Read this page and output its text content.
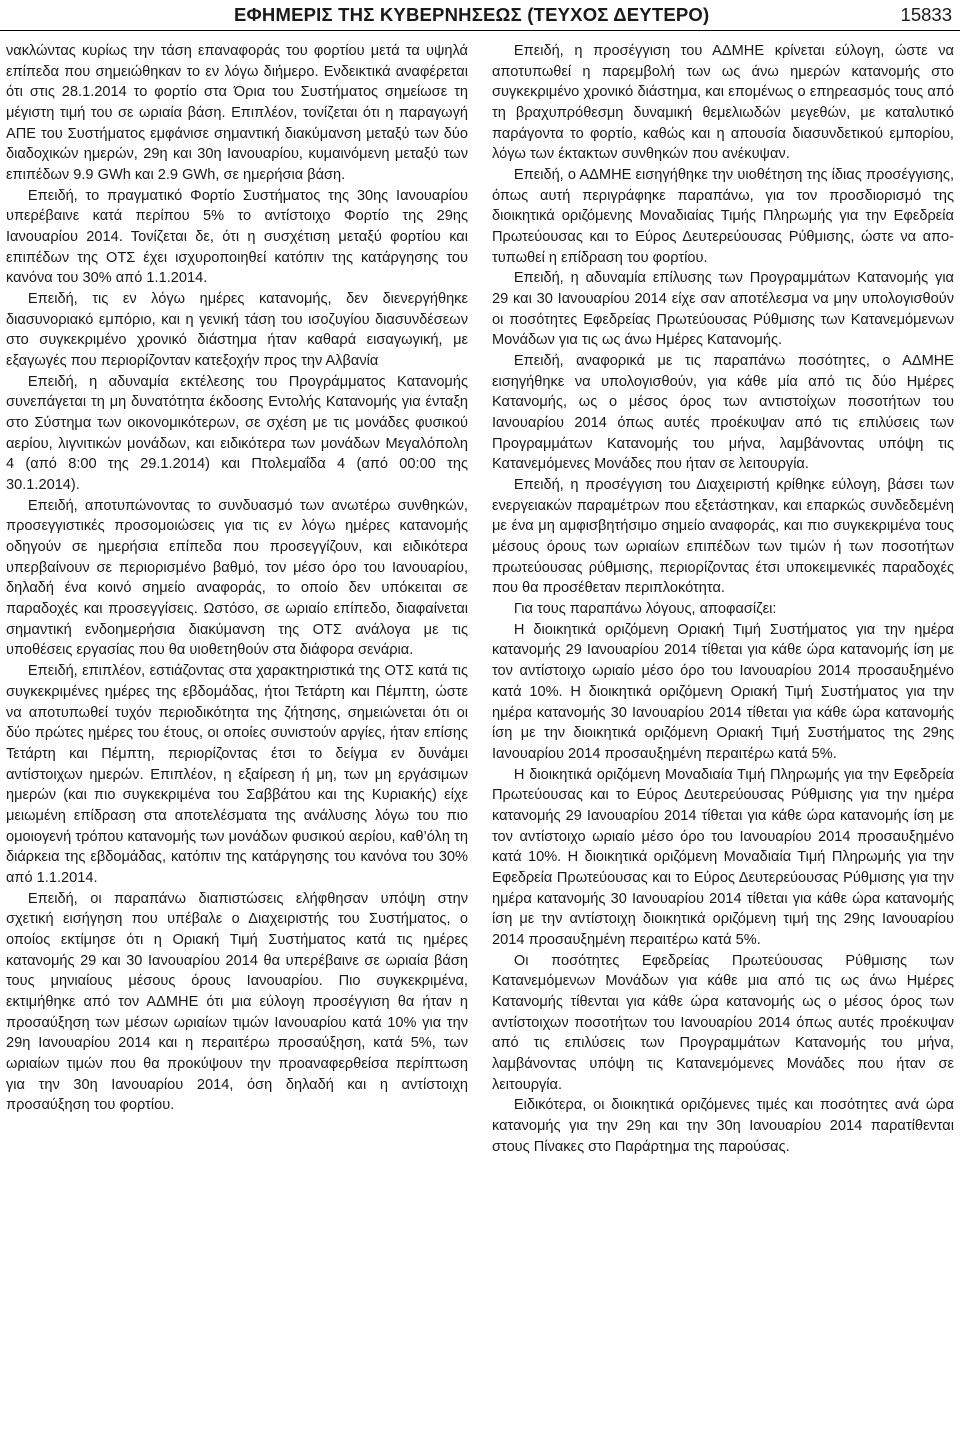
ΕΦΗΜΕΡΙΣ ΤΗΣ ΚΥΒΕΡΝΗΣΕΩΣ (ΤΕΥΧΟΣ ΔΕΥΤΕΡΟ)	15833

νακλώντας κυρίως την τάση επαναφοράς του φορτίου μετά τα υψηλά επίπεδα που σημειώθηκαν το εν λόγω διήμερο. Ενδεικτικά αναφέρεται ότι στις 28.1.2014 το φορτίο στα Όρια του Συστήματος σημείωσε τη μέγιστη τιμή του σε ωριαία βάση. Επιπλέον, τονίζεται ότι η παραγωγή ΑΠΕ του Συστήματος εμφάνισε σημαντική διακύμανση μεταξύ των δύο διαδοχικών ημερών, 29η και 30η Ιανουαρίου, κυμαινόμενη μεταξύ των επιπέδων 9.9 GWh και 2.9 GWh, σε ημερήσια βάση.

Επειδή, το πραγματικό Φορτίο Συστήματος της 30ης Ιανουαρίου υπερέβαινε κατά περίπου 5% το αντίστοιχο Φορτίο της 29ης Ιανουαρίου 2014. Τονίζεται δε, ότι η συσχέτιση μεταξύ φορτίου και επιπέδων της ΟΤΣ έχει ισχυροποιηθεί κατόπιν της κατάργησης του κανόνα του 30% από 1.1.2014.

Επειδή, τις εν λόγω ημέρες κατανομής, δεν διενεργήθηκε διασυνοριακό εμπόριο, και η γενική τάση του ισοζυγίου διασυνδέσεων στο συγκεκριμένο χρονικό διάστημα ήταν καθαρά εισαγωγική, με εξαγωγές που περιορίζονταν κατεξοχήν προς την Αλβανία

Επειδή, η αδυναμία εκτέλεσης του Προγράμματος Κατανομής συνεπάγεται τη μη δυνατότητα έκδοσης Εντολής Κατανομής για ένταξη στο Σύστημα των οικονομικότερων, σε σχέση με τις μονάδες φυσικού αερίου, λιγνιτικών μονάδων, και ειδικότερα των μονάδων Μεγαλόπολη 4 (από 8:00 της 29.1.2014) και Πτολεμαΐδα 4 (από 00:00 της 30.1.2014).

Επειδή, αποτυπώνοντας το συνδυασμό των ανωτέρω συνθηκών, προσεγγιστικές προσομοιώσεις για τις εν λόγω ημέρες κατανομής οδηγούν σε ημερήσια επίπεδα που προσεγγίζουν, και ειδικότερα υπερβαίνουν σε περιορισμένο βαθμό, τον μέσο όρο του Ιανουαρίου, δηλαδή ένα κοινό σημείο αναφοράς, το οποίο δεν υπόκειται σε παραδοχές και προσεγγίσεις. Ωστόσο, σε ωριαίο επίπεδο, διαφαίνεται σημαντική ενδοημερήσια διακύμανση της ΟΤΣ ανάλογα με τις υποθέσεις εργασίας που θα υιοθετηθούν στα διάφορα σενάρια.

Επειδή, επιπλέον, εστιάζοντας στα χαρακτηριστικά της ΟΤΣ κατά τις συγκεκριμένες ημέρες της εβδομάδας, ήτοι Τετάρτη και Πέμπτη, ώστε να αποτυπωθεί τυχόν περιοδικότητα της ζήτησης, σημειώνεται ότι οι δύο πρώτες ημέρες του έτους, οι οποίες συνιστούν αργίες, ήταν επίσης Τετάρτη και Πέμπτη, περιορίζοντας έτσι το δείγμα εν δυνάμει αντίστοιχων ημερών. Επιπλέον, η εξαίρεση ή μη, των μη εργάσιμων ημερών (και πιο συγκεκριμένα του Σαββάτου και της Κυριακής) είχε μειωμένη επίδραση στα αποτελέσματα της ανάλυσης λόγω του πιο ομοιογενή τρόπου κατανομής των μονάδων φυσικού αερίου, καθ’όλη τη διάρκεια της εβδομάδας, κατόπιν της κατάργησης του κανόνα του 30% από 1.1.2014.

Επειδή, οι παραπάνω διαπιστώσεις ελήφθησαν υπόψη στην σχετική εισήγηση που υπέβαλε ο Διαχειριστής του Συστήματος, ο οποίος εκτίμησε ότι η Οριακή Τιμή Συστήματος κατά τις ημέρες κατανομής 29 και 30 Ιανουαρίου 2014 θα υπερέβαινε σε ωριαία βάση τους μηνιαίους μέσους όρους Ιανουαρίου. Πιο συγκεκριμένα, εκτιμήθηκε από τον ΑΔΜΗΕ ότι μια εύλογη προσέγγιση θα ήταν η προσαύξηση των μέσων ωριαίων τιμών Ιανουαρίου κατά 10% για την 29η Ιανουαρίου 2014 και η περαιτέρω προσαύξηση, κατά 5%, των ωριαίων τιμών που θα προκύψουν την προαναφερθείσα περίπτωση για την 30η Ιανουαρίου 2014, όση δηλαδή και η αντίστοιχη προσαύξηση του φορτίου.

Επειδή, η προσέγγιση του ΑΔΜΗΕ κρίνεται εύλογη, ώστε να αποτυπωθεί η παρεμβολή των ως άνω ημερών κατανομής στο συγκεκριμένο χρονικό διάστημα, και επομένως ο επηρεασμός τους από τη βραχυπρόθεσμη δυναμική θεμελιωδών μεγεθών, με καταλυτικό παράγοντα το φορτίο, καθώς και η απουσία διασυνδετικού εμπορίου, λόγω των έκτακτων συνθηκών που ανέκυψαν.

Επειδή, ο ΑΔΜΗΕ εισηγήθηκε την υιοθέτηση της ίδιας προσέγγισης, όπως αυτή περιγράφηκε παραπάνω, για τον προσδιορισμό της διοικητικά οριζόμενης Μοναδιαίας Τιμής Πληρωμής για την Εφεδρεία Πρωτεύουσας και το Εύρος Δευτερεύουσας Ρύθμισης, ώστε να αποτυπωθεί η επίδραση του φορτίου.

Επειδή, η αδυναμία επίλυσης των Προγραμμάτων Κατανομής για 29 και 30 Ιανουαρίου 2014 είχε σαν αποτέλεσμα να μην υπολογισθούν οι ποσότητες Εφεδρείας Πρωτεύουσας Ρύθμισης των Κατανεμόμενων Μονάδων για τις ως άνω Ημέρες Κατανομής.

Επειδή, αναφορικά με τις παραπάνω ποσότητες, ο ΑΔΜΗΕ εισηγήθηκε να υπολογισθούν, για κάθε μία από τις δύο Ημέρες Κατανομής, ως ο μέσος όρος των αντιστοίχων ποσοτήτων του Ιανουαρίου 2014 όπως αυτές προέκυψαν από τις επιλύσεις των Προγραμμάτων Κατανομής του μήνα, λαμβάνοντας υπόψη τις Κατανεμόμενες Μονάδες που ήταν σε λειτουργία.

Επειδή, η προσέγγιση του Διαχειριστή κρίθηκε εύλογη, βάσει των ενεργειακών παραμέτρων που εξετάστηκαν, και επαρκώς συνδεδεμένη με ένα μη αμφισβητήσιμο σημείο αναφοράς, και πιο συγκεκριμένα τους μέσους όρους των ωριαίων επιπέδων των τιμών ή των ποσοτήτων πρωτεύουσας ρύθμισης, περιορίζοντας έτσι υποκειμενικές παραδοχές που θα προσέθεταν περιπλοκότητα.

Για τους παραπάνω λόγους, αποφασίζει:

Η διοικητικά οριζόμενη Οριακή Τιμή Συστήματος για την ημέρα κατανομής 29 Ιανουαρίου 2014 τίθεται για κάθε ώρα κατανομής ίση με τον αντίστοιχο ωριαίο μέσο όρο του Ιανουαρίου 2014 προσαυξημένο κατά 10%. Η διοικητικά οριζόμενη Οριακή Τιμή Συστήματος για την ημέρα κατανομής 30 Ιανουαρίου 2014 τίθεται για κάθε ώρα κατανομής ίση με την διοικητικά οριζόμενη Οριακή Τιμή Συστήματος της 29ης Ιανουαρίου 2014 προσαυξημένη περαιτέρω κατά 5%.

Η διοικητικά οριζόμενη Μοναδιαία Τιμή Πληρωμής για την Εφεδρεία Πρωτεύουσας και το Εύρος Δευτερεύουσας Ρύθμισης για την ημέρα κατανομής 29 Ιανουαρίου 2014 τίθεται για κάθε ώρα κατανομής ίση με τον αντίστοιχο ωριαίο μέσο όρο του Ιανουαρίου 2014 προσαυξημένο κατά 10%. Η διοικητικά οριζόμενη Μοναδιαία Τιμή Πληρωμής για την Εφεδρεία Πρωτεύουσας και το Εύρος Δευτερεύουσας Ρύθμισης για την ημέρα κατανομής 30 Ιανουαρίου 2014 τίθεται για κάθε ώρα κατανομής ίση με την αντίστοιχη διοικητικά οριζόμενη τιμή της 29ης Ιανουαρίου 2014 προσαυξημένη περαιτέρω κατά 5%.

Οι ποσότητες Εφεδρείας Πρωτεύουσας Ρύθμισης των Κατανεμόμενων Μονάδων για κάθε μια από τις ως άνω Ημέρες Κατανομής τίθενται για κάθε ώρα κατανομής ως ο μέσος όρος των αντίστοιχων ποσοτήτων του Ιανουαρίου 2014 όπως αυτές προέκυψαν από τις επιλύσεις των Προγραμμάτων Κατανομής του μήνα, λαμβάνοντας υπόψη τις Κατανεμόμενες Μονάδες που ήταν σε λειτουργία.

Ειδικότερα, οι διοικητικά οριζόμενες τιμές και ποσότητες ανά ώρα κατανομής για την 29η και την 30η Ιανουαρίου 2014 παρατίθενται στους Πίνακες στο Παράρτημα της παρούσας.
